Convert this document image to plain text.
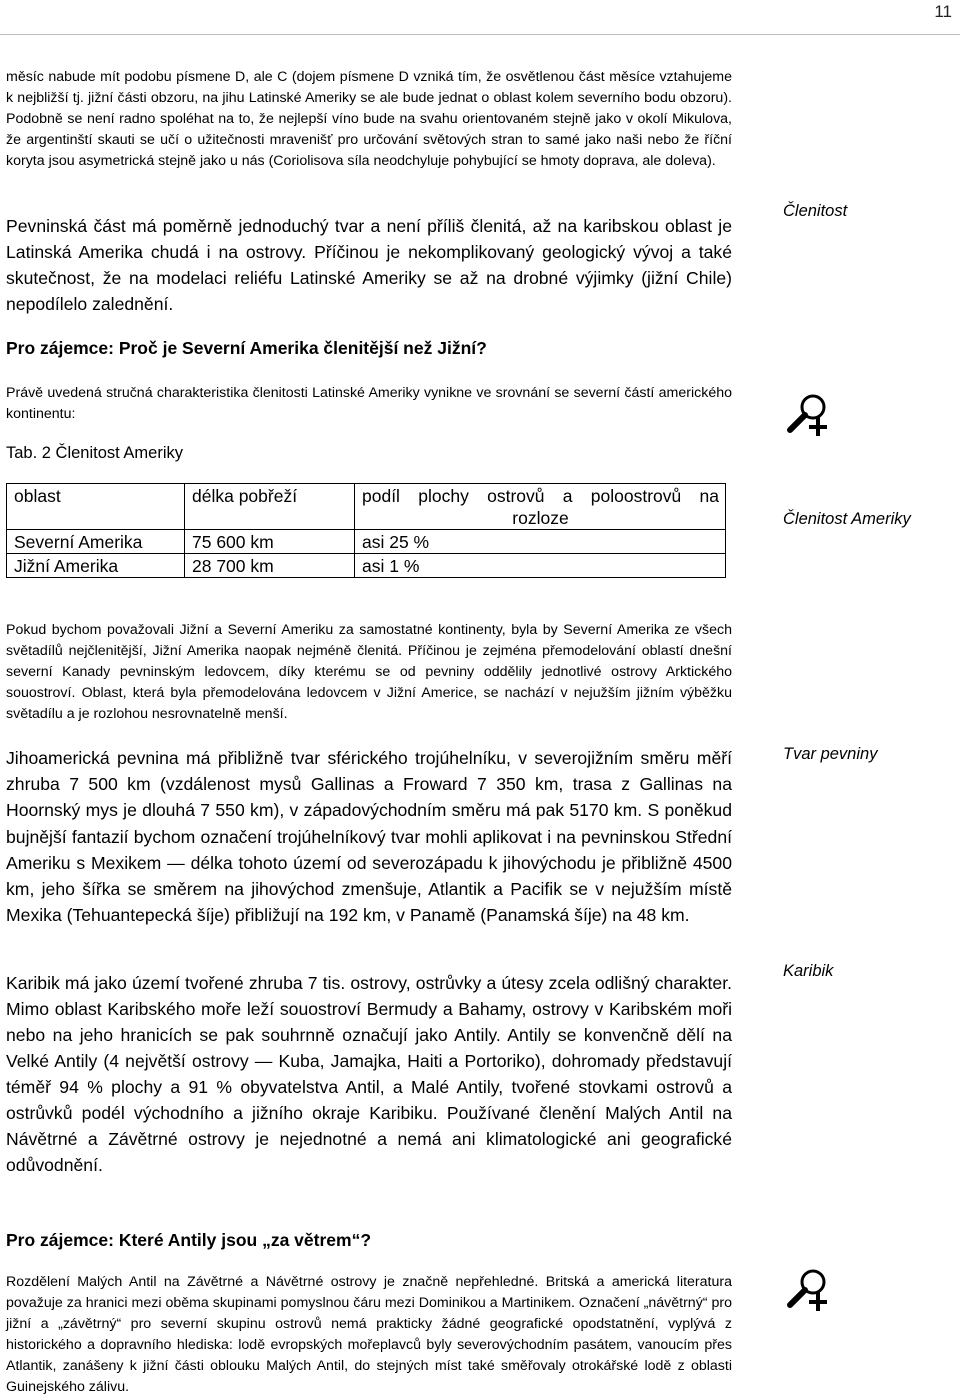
11

měsíc nabude mít podobu písmene D, ale C (dojem písmene D vzniká tím, že osvětlenou část měsíce vztahujeme k nejbližší tj. jižní části obzoru, na jihu Latinské Ameriky se ale bude jednat o oblast kolem severního bodu obzoru). Podobně se není radno spoléhat na to, že nejlepší víno bude na svahu orientovaném stejně jako v okolí Mikulova, že argentinští skauti se učí o užitečnosti mravenišť pro určování světových stran to samé jako naši nebo že říční koryta jsou asymetrická stejně jako u nás (Coriolisova síla neodchyluje pohybující se hmoty doprava, ale doleva).

Členitost

Pevninská část má poměrně jednoduchý tvar a není příliš členitá, až na karibskou oblast je Latinská Amerika chudá i na ostrovy. Příčinou je nekomplikovaný geologický vývoj a také skutečnost, že na modelaci reliéfu Latinské Ameriky se až na drobné výjimky (jižní Chile) nepodílelo zalednění.

Pro zájemce: Proč je Severní Amerika členitější než Jižní?

Právě uvedená stručná charakteristika členitosti Latinské Ameriky vynikne ve srovnání se severní částí amerického kontinentu:

Tab. 2 Členitost Ameriky

Členitost Ameriky
oblast	délka pobřeží	podíl plochy ostrovů a poloostrovů na
rozloze

Severní Amerika	75 600 km	asi 25 %
Jižní Amerika	28 700 km	asi 1 %

Pokud bychom považovali Jižní a Severní Ameriku za samostatné kontinenty, byla by Severní Amerika ze všech světadílů nejčlenitější, Jižní Amerika naopak nejméně členitá. Příčinou je zejména přemodelování oblastí dnešní severní Kanady pevninským ledovcem, díky kterému se od pevniny oddělily jednotlivé ostrovy Arktického souostroví. Oblast, která byla přemodelována ledovcem v Jižní Americe, se nachází v nejužším jižním výběžku světadílu a je rozlohou nesrovnatelně menší.

Tvar pevniny

Jihoamerická pevnina má přibližně tvar sférického trojúhelníku, v severojižním směru měří zhruba 7 500 km (vzdálenost mysů Gallinas a Froward 7 350 km, trasa z Gallinas na Hoornský mys je dlouhá 7 550 km), v západovýchodním směru má pak 5170 km. S poněkud bujnější fantazií bychom označení trojúhelníkový tvar mohli aplikovat i na pevninskou Střední Ameriku s Mexikem — délka tohoto území od severozápadu k jihovýchodu je přibližně 4500 km, jeho šířka se směrem na jihovýchod zmenšuje, Atlantik a Pacifik se v nejužším místě Mexika (Tehuantepecká šíje) přibližují na 192 km, v Panamě (Panamská šíje) na 48 km.

Karibik

Karibik má jako území tvořené zhruba 7 tis. ostrovy, ostrůvky a útesy zcela odlišný charakter. Mimo oblast Karibského moře leží souostroví Bermudy a Bahamy, ostrovy v Karibském moři nebo na jeho hranicích se pak souhrnně označují jako Antily. Antily se konvenčně dělí na Velké Antily (4 největší ostrovy — Kuba, Jamajka, Haiti a Portoriko), dohromady představují téměř 94 % plochy a 91 % obyvatelstva Antil, a Malé Antily, tvořené stovkami ostrovů a ostrůvků podél východního a jižního okraje Karibiku. Používané členění Malých Antil na Návětrné a Závětrné ostrovy je nejednotné a nemá ani klimatologické ani geografické odůvodnění.

Pro zájemce: Které Antily jsou „za větrem“?

Rozdělení Malých Antil na Závětrné a Návětrné ostrovy je značně nepřehledné. Britská a americká literatura považuje za hranici mezi oběma skupinami pomyslnou čáru mezi Dominikou a Martinikem. Označení „návětrný“ pro jižní a „závětrný“ pro severní skupinu ostrovů nemá prakticky žádné geografické opodstatnění, vyplývá z historického a dopravního hlediska: lodě evropských mořeplavců byly severovýchodním pasátem, vanoucím přes Atlantik, zanášeny k jižní části oblouku Malých Antil, do stejných míst také směřovaly otrokářské lodě z oblasti Guinejského zálivu.
